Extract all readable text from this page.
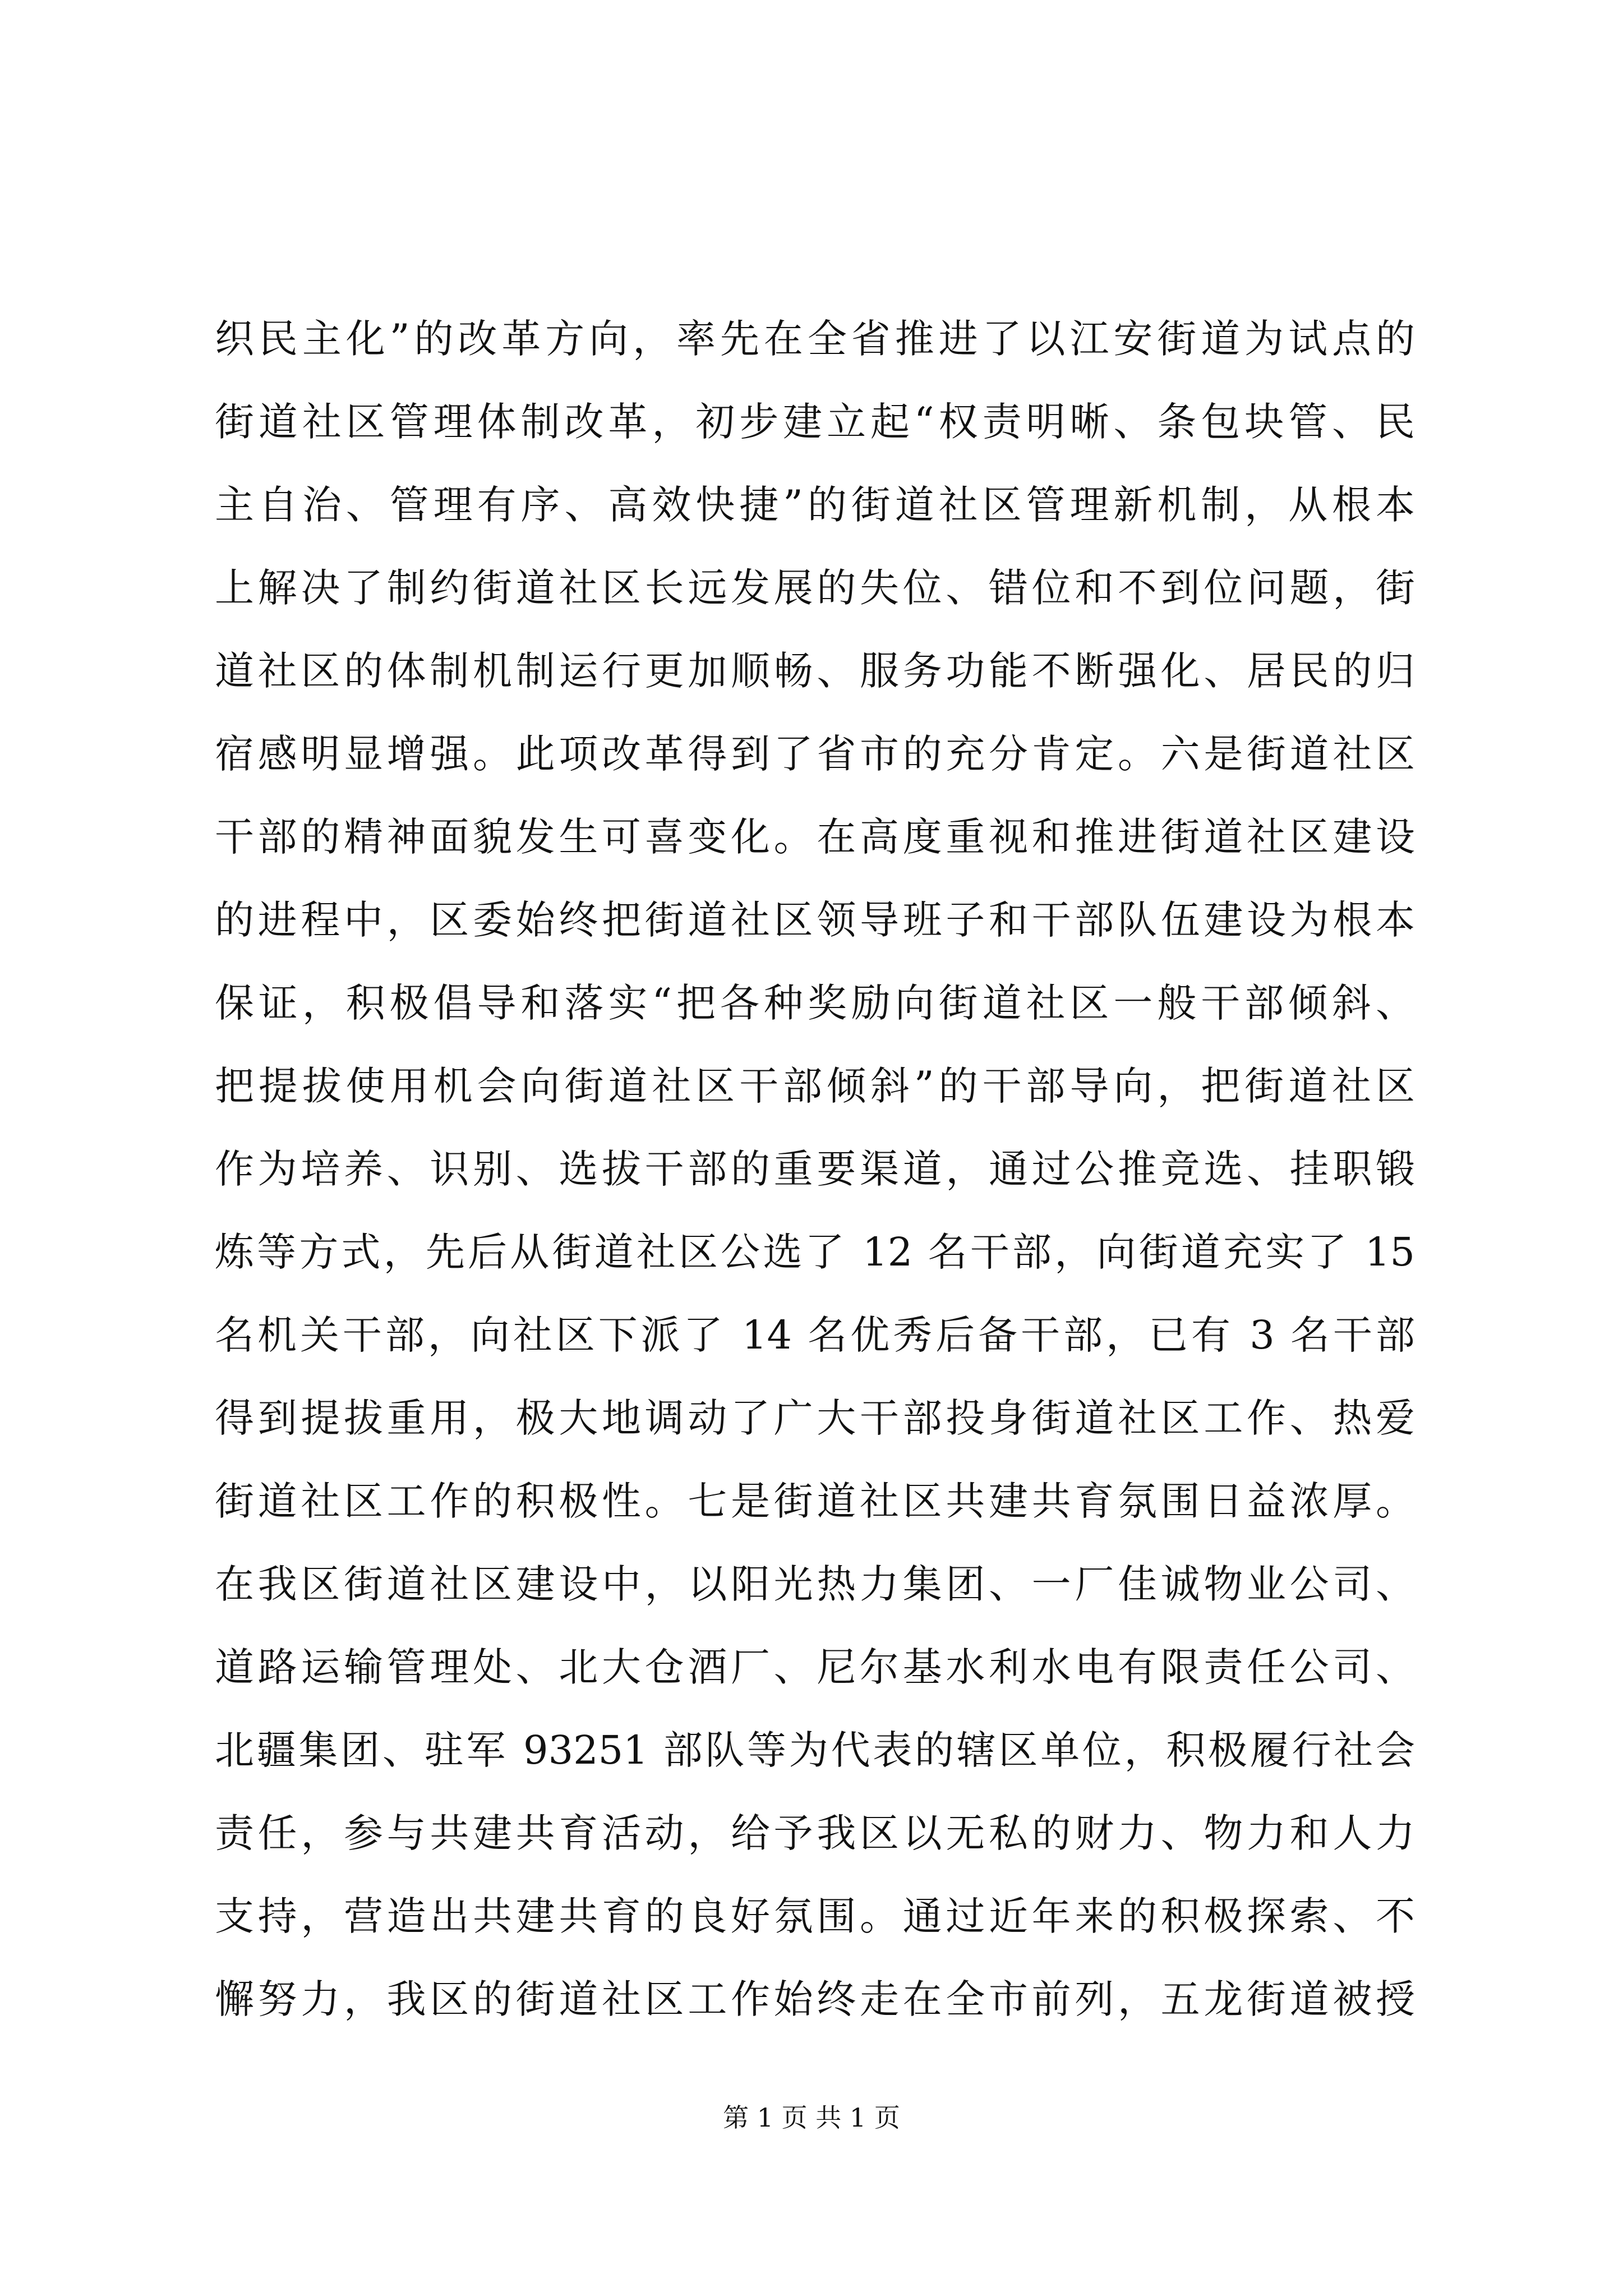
织民主化”的改革方向，率先在全省推进了以江安街道为试点的
街道社区管理体制改革，初步建立起“权责明晰、条包块管、民
主自治、管理有序、高效快捷”的街道社区管理新机制，从根本
上解决了制约街道社区长远发展的失位、错位和不到位问题，街
道社区的体制机制运行更加顺畅、服务功能不断强化、居民的归
宿感明显增强。此项改革得到了省市的充分肯定。六是街道社区
干部的精神面貌发生可喜变化。在高度重视和推进街道社区建设
的进程中，区委始终把街道社区领导班子和干部队伍建设为根本
保证，积极倡导和落实“把各种奖励向街道社区一般干部倾斜、
把提拔使用机会向街道社区干部倾斜”的干部导向，把街道社区
作为培养、识别、选拔干部的重要渠道，通过公推竞选、挂职锻
炼等方式，先后从街道社区公选了 12 名干部，向街道充实了 15
名机关干部，向社区下派了 14 名优秀后备干部，已有 3 名干部
得到提拔重用，极大地调动了广大干部投身街道社区工作、热爱
街道社区工作的积极性。七是街道社区共建共育氛围日益浓厚。
在我区街道社区建设中，以阳光热力集团、一厂佳诚物业公司、
道路运输管理处、北大仓酒厂、尼尔基水利水电有限责任公司、
北疆集团、驻军 93251 部队等为代表的辖区单位，积极履行社会
责任，参与共建共育活动，给予我区以无私的财力、物力和人力
支持，营造出共建共育的良好氛围。通过近年来的积极探索、不
懈努力，我区的街道社区工作始终走在全市前列，五龙街道被授
第 1 页 共 1 页
